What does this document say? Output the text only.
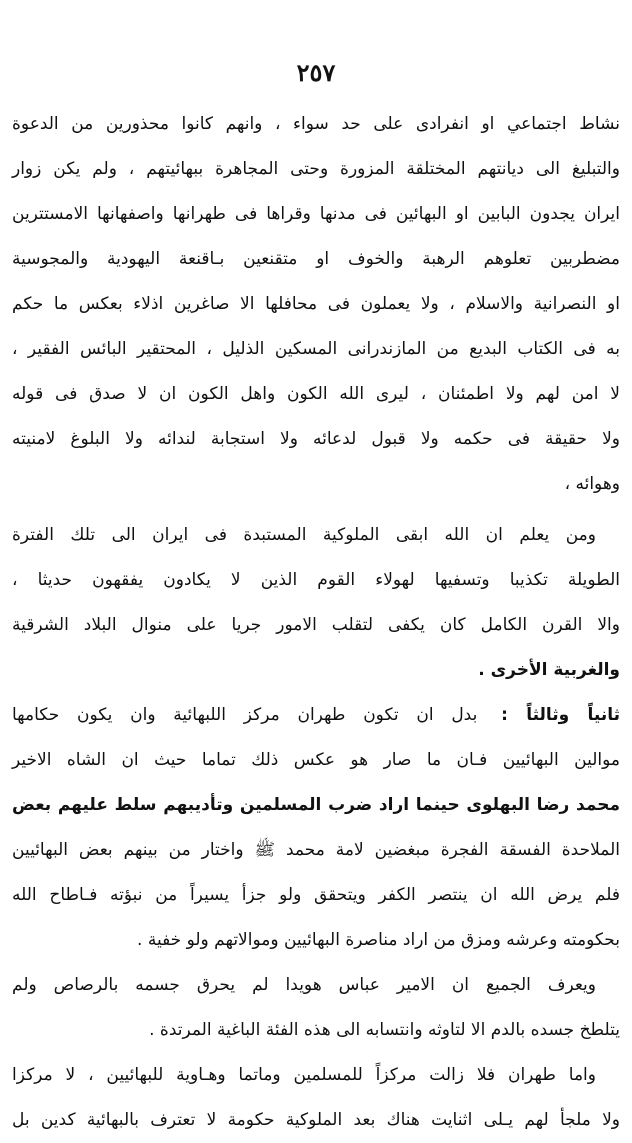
٢٥٧
نشاط اجتماعي او انفرادى على حد سواء ، وانهم كانوا محذورين من الدعوة
والتبليغ الى ديانتهم المختلقة المزورة وحتى المجاهرة ببهائيتهم ، ولم يكن زوار
ايران يجدون البابين او البهائين فى مدنها وقراها فى طهرانها واصفهانها الامستترين
مضطربين تعلوهم الرهبة والخوف او متقنعين بـاقنعة اليهودية والمجوسية
او النصرانية والاسلام ، ولا يعملون فى محافلها الا صاغرين اذلاء بعكس ما حكم
به فى الكتاب البديع من المازندرانى المسكين الذليل ، المحتقير البائس الفقير ،
لا امن لهم ولا اطمئنان ، ليرى الله الكون واهل الكون ان لا صدق فى قوله
ولا حقيقة فى حكمه ولا قبول لدعائه ولا استجابة لندائه ولا البلوغ لامنيته
وهوائه ،
ومن يعلم ان الله ابقى الملوكية المستبدة فى ايران الى تلك الفترة
الطويلة تكذيبا وتسفيها لهولاء القوم الذين لا يكادون يفقهون حديثا ،
والا القرن الكامل كان يكفى لتقلب الامور جريا على منوال البلاد الشرقية
والغربية الأخرى .
ثانياً وثالثاً : بدل ان تكون طهران مركز اللبهائية وان يكون حكامها
موالين البهائيين فـان ما صار هو عكس ذلك تماما حيث ان الشاه الاخير
محمد رضا البهلوى حينما اراد ضرب المسلمين وتأديبهم سلط عليهم بعض
الملاحدة الفسقة الفجرة مبغضين لامة محمد ﷺ واختار من بينهم بعض البهائيين
فلم يرض الله ان ينتصر الكفر ويتحقق ولو جزأ يسيراً من نبؤته فـاطاح الله
بحكومته وعرشه ومزق من اراد مناصرة البهائيين وموالاتهم ولو خفية .
ويعرف الجميع ان الامير عباس هويدا لم يحرق جسمه بالرصاص ولم
يتلطخ جسده بالدم الا لتاوثه وانتسابه الى هذه الفئة الباغية المرتدة .
واما طهران فلا زالت مركزاً للمسلمين وماتما وهـاوية للبهائيين ، لا مركزا
ولا ملجأ لهم يـلى اثنايت هناك بعد الملوكية حكومة لا تعترف بالبهائية كدين بل
